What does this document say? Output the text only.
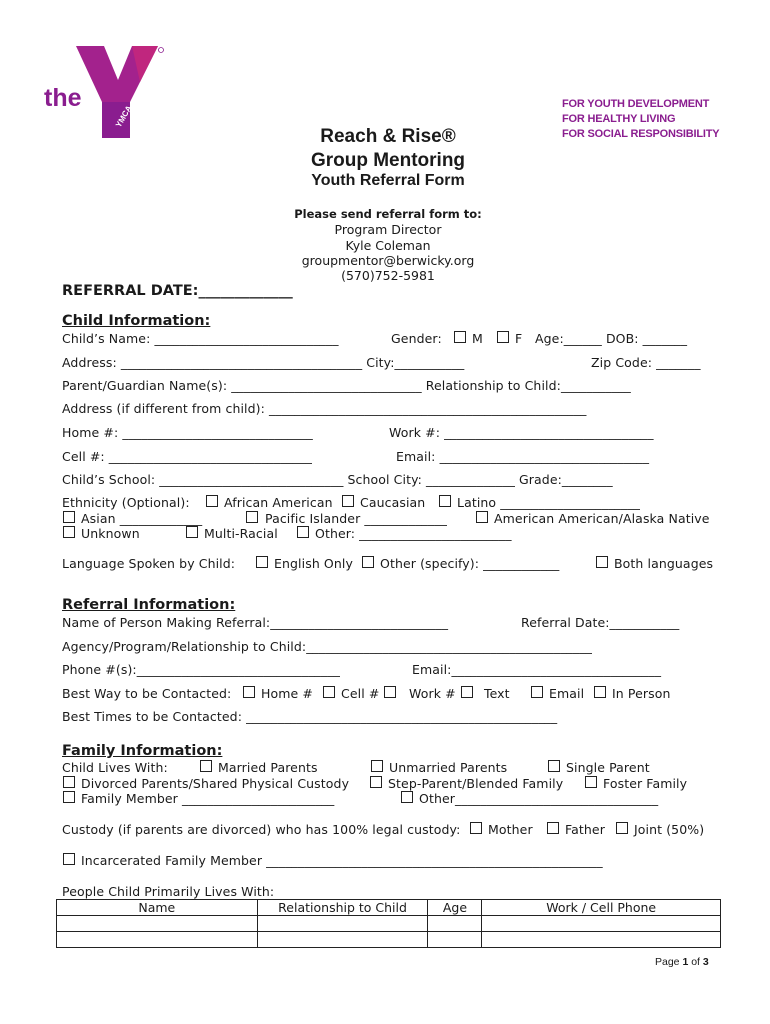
the
YMCA
FOR YOUTH DEVELOPMENT
FOR HEALTHY LIVING
FOR SOCIAL RESPONSIBILITY
Reach & Rise®
Group Mentoring
Youth Referral Form
Please send referral form to:
Program Director
Kyle Coleman
groupmentor@berwicky.org
(570)752-5981
REFERRAL DATE:_____________
Child Information:
Child’s Name: _____________________________	Gender: M	F Age:______ DOB: _______
Address: ______________________________________ City:___________	Zip Code: _______
Parent/Guardian Name(s): ______________________________ Relationship to Child:___________
Address (if different from child): __________________________________________________
Home #: ______________________________	Work #: _________________________________
Cell #: ________________________________	Email: _________________________________
Child’s School: _____________________________ School City: ______________ Grade:________
Ethnicity (Optional):	African American Caucasian	Latino ______________________
Asian _____________	Pacific Islander _____________	American American/Alaska Native
Unknown	Multi-Racial	Other: ________________________
Language Spoken by Child:	English Only Other (specify): ____________	Both languages
Referral Information:
Name of Person Making Referral:____________________________	Referral Date:___________
Agency/Program/Relationship to Child:_____________________________________________
Phone #(s):________________________________	Email:_________________________________
Best Way to be Contacted: Home # Cell # Work # Text	Email In Person
Best Times to be Contacted: _________________________________________________
Family Information:
Child Lives With:	Married Parents	Unmarried Parents	Single Parent
Divorced Parents/Shared Physical Custody	Step-Parent/Blended Family	Foster Family
Family Member ________________________	Other________________________________
Custody (if parents are divorced) who has 100% legal custody: Mother	Father Joint (50%)
Incarcerated Family Member _____________________________________________________
People Child Primarily Lives With:
Name	Relationship to Child	Age	Work / Cell Phone

Page 1 of 3
